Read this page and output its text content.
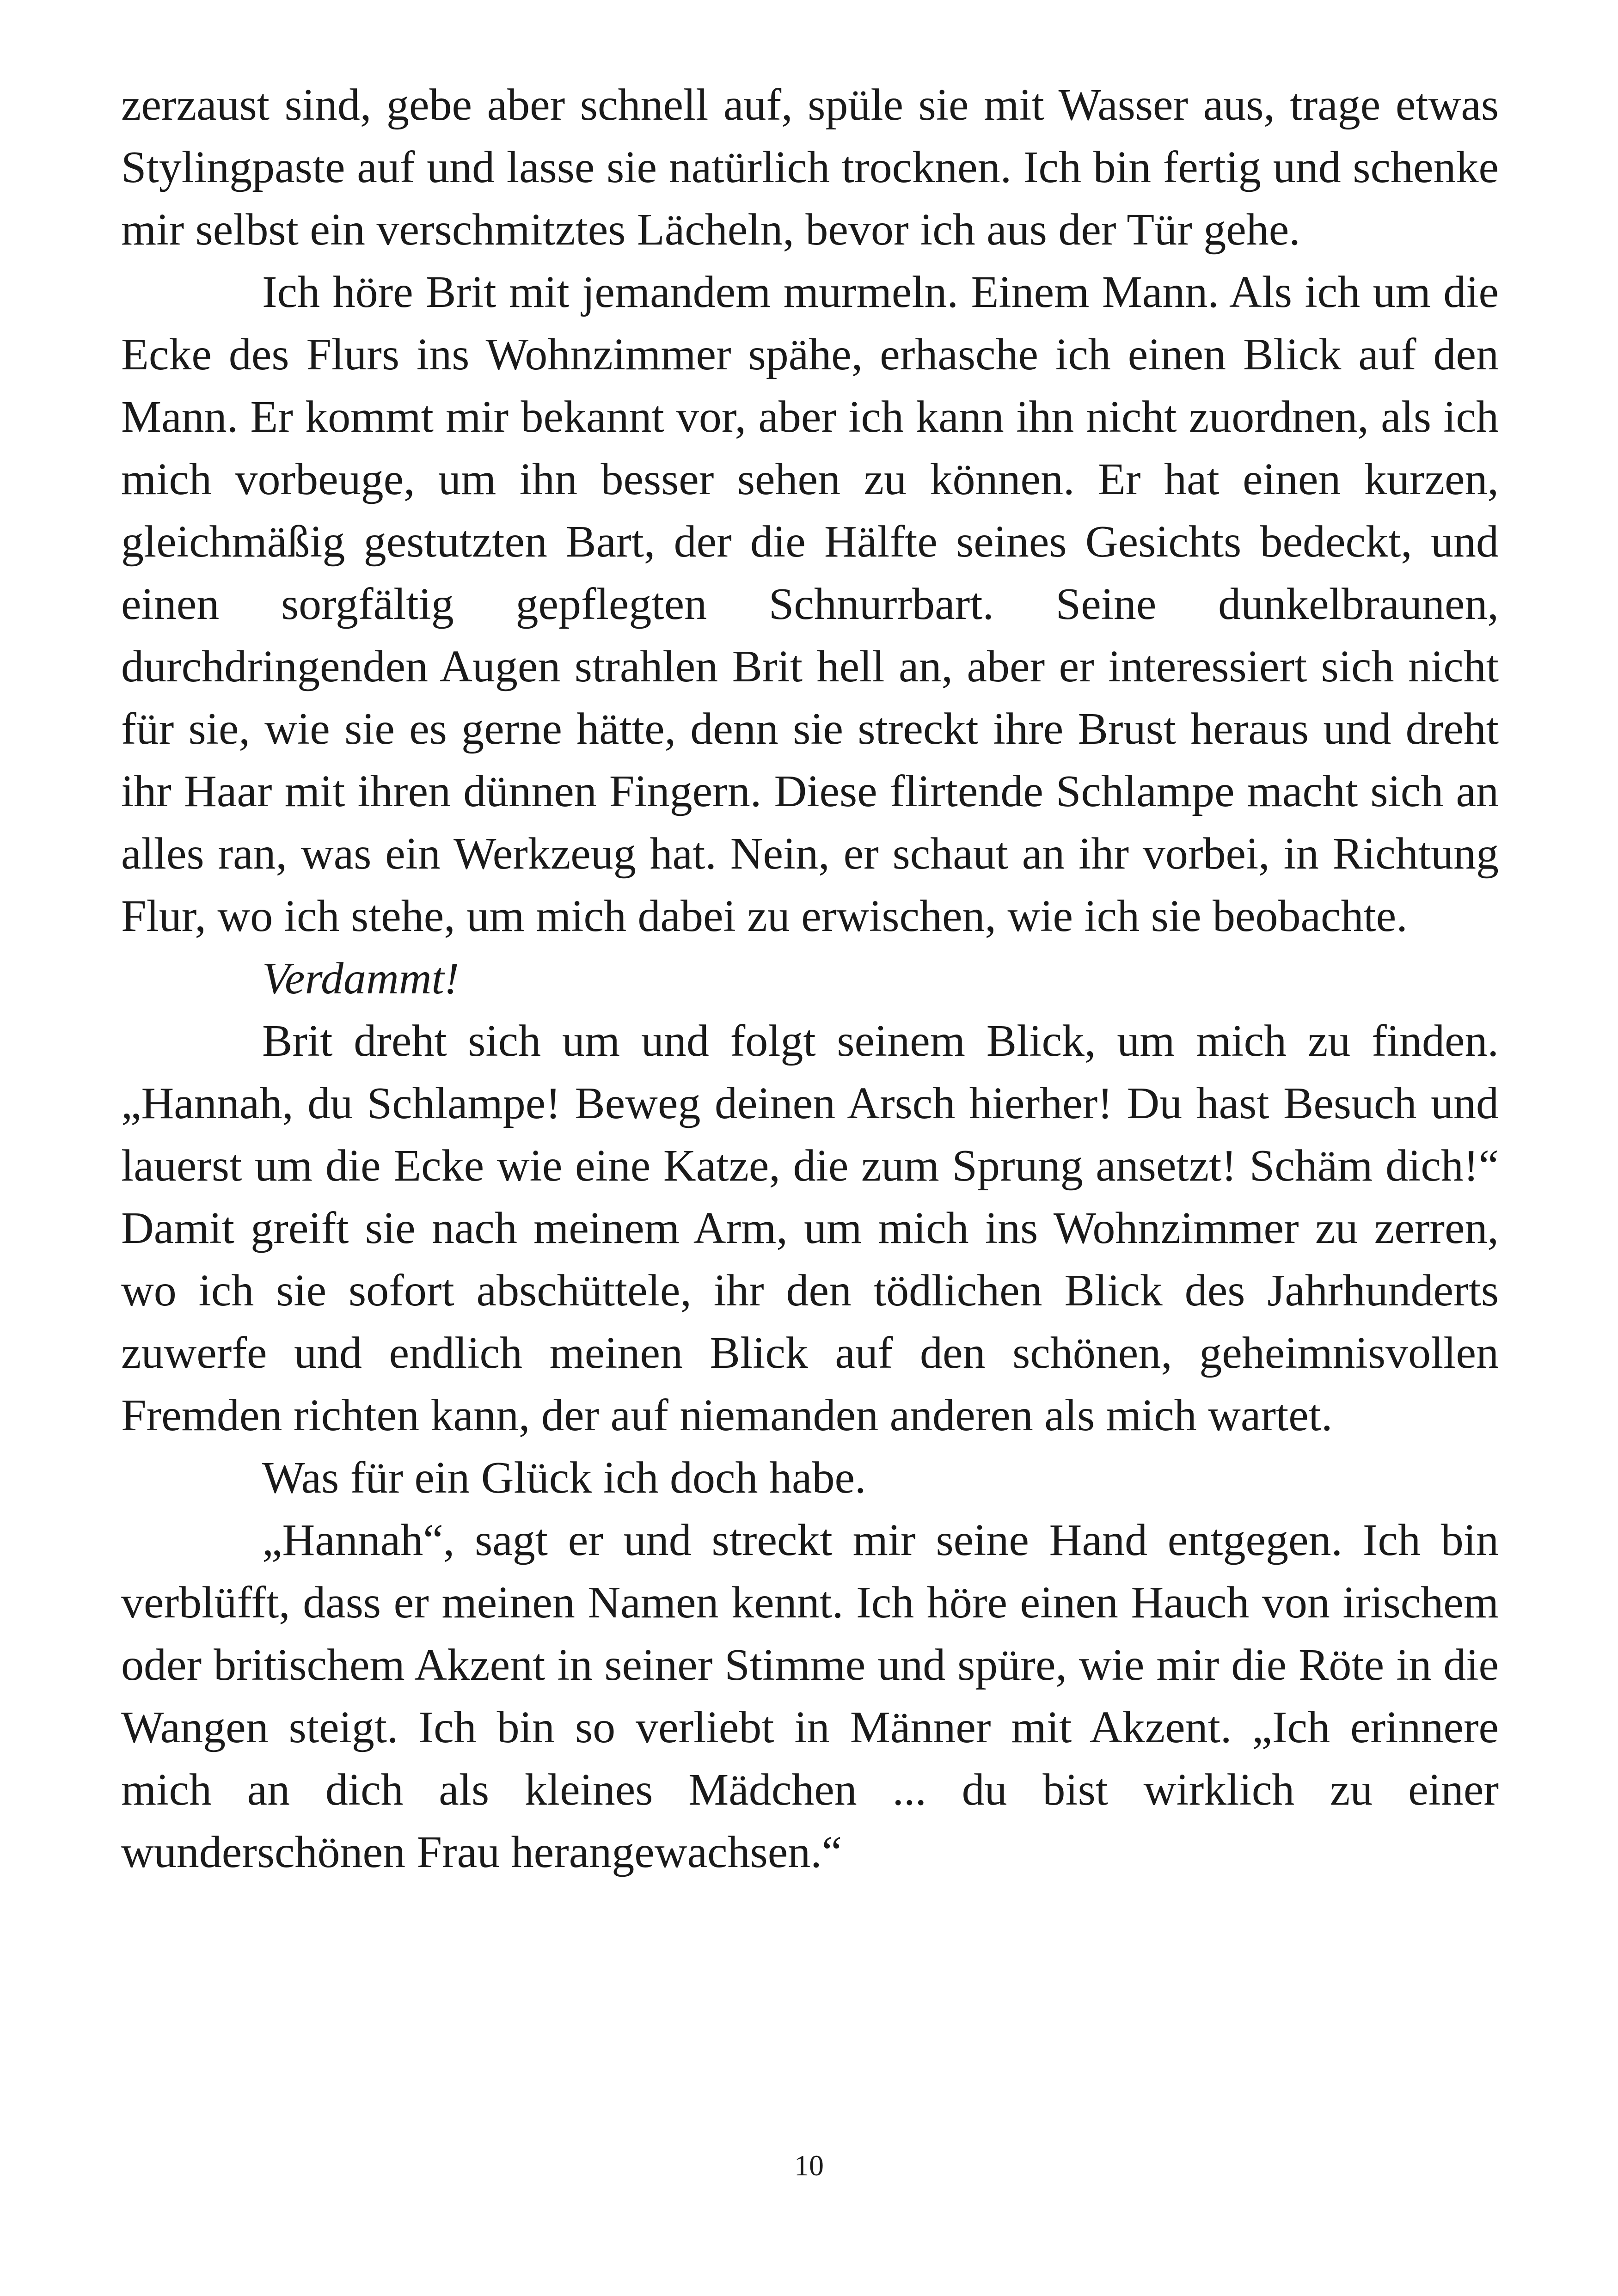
zerzaust sind, gebe aber schnell auf, spüle sie mit Wasser aus, trage etwas Stylingpaste auf und lasse sie natürlich trocknen. Ich bin fertig und schenke mir selbst ein verschmitztes Lächeln, bevor ich aus der Tür gehe.

Ich höre Brit mit jemandem murmeln. Einem Mann. Als ich um die Ecke des Flurs ins Wohnzimmer spähe, erhasche ich einen Blick auf den Mann. Er kommt mir bekannt vor, aber ich kann ihn nicht zuordnen, als ich mich vorbeuge, um ihn besser sehen zu können. Er hat einen kurzen, gleichmäßig gestutzten Bart, der die Hälfte seines Gesichts bedeckt, und einen sorgfältig gepflegten Schnurrbart. Seine dunkelbraunen, durchdringenden Augen strahlen Brit hell an, aber er interessiert sich nicht für sie, wie sie es gerne hätte, denn sie streckt ihre Brust heraus und dreht ihr Haar mit ihren dünnen Fingern. Diese flirtende Schlampe macht sich an alles ran, was ein Werkzeug hat. Nein, er schaut an ihr vorbei, in Richtung Flur, wo ich stehe, um mich dabei zu erwischen, wie ich sie beobachte.

Verdammt!

Brit dreht sich um und folgt seinem Blick, um mich zu finden. „Hannah, du Schlampe! Beweg deinen Arsch hierher! Du hast Besuch und lauerst um die Ecke wie eine Katze, die zum Sprung ansetzt! Schäm dich!“ Damit greift sie nach meinem Arm, um mich ins Wohnzimmer zu zerren, wo ich sie sofort abschüttele, ihr den tödlichen Blick des Jahrhunderts zuwerfe und endlich meinen Blick auf den schönen, geheimnisvollen Fremden richten kann, der auf niemanden anderen als mich wartet.

Was für ein Glück ich doch habe.

„Hannah“, sagt er und streckt mir seine Hand entgegen. Ich bin verblüfft, dass er meinen Namen kennt. Ich höre einen Hauch von irischem oder britischem Akzent in seiner Stimme und spüre, wie mir die Röte in die Wangen steigt. Ich bin so verliebt in Männer mit Akzent. „Ich erinnere mich an dich als kleines Mädchen ... du bist wirklich zu einer wunderschönen Frau herangewachsen.“

10
